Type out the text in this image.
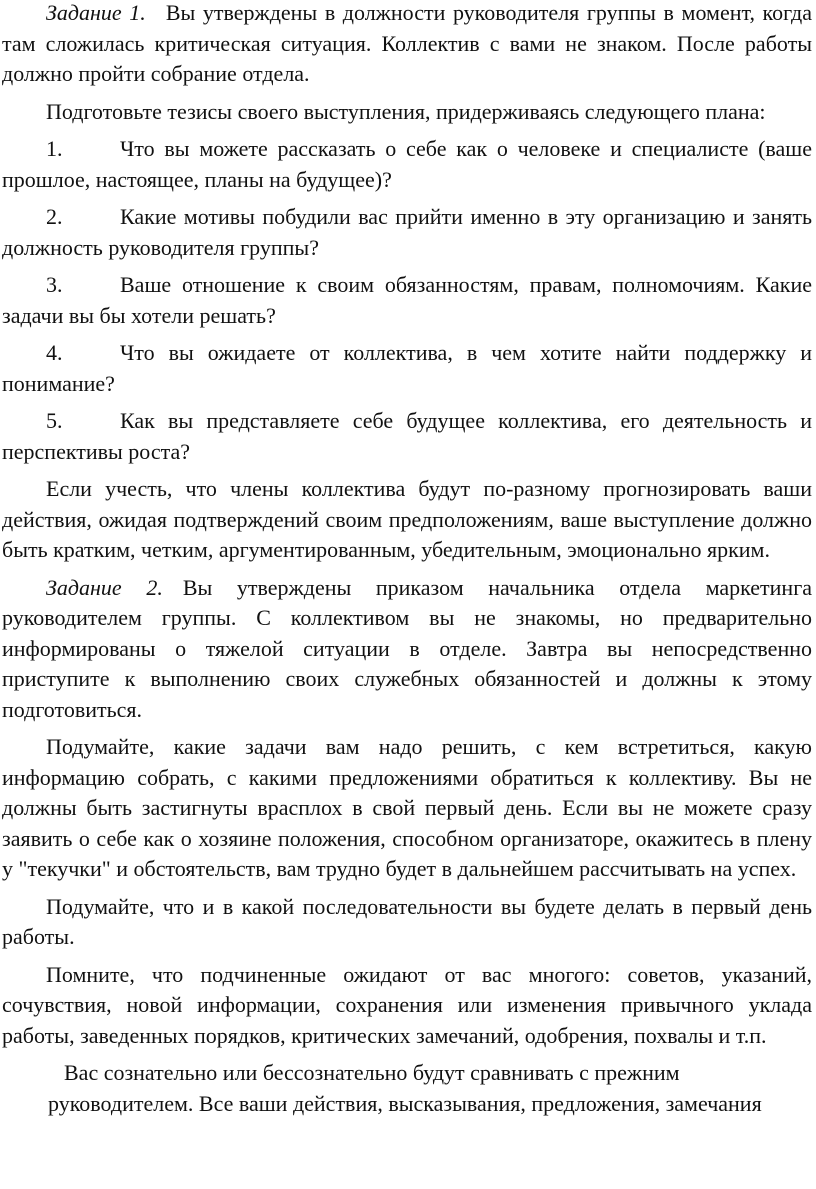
Задание 1. Вы утверждены в должности руководителя группы в момент, когда там сложилась критическая ситуация. Коллектив с вами не знаком. После работы должно пройти собрание отдела.

Подготовьте тезисы своего выступления, придерживаясь следующего плана:

1.	Что вы можете рассказать о себе как о человеке и специалисте (ваше прошлое, настоящее, планы на будущее)?

2.	Какие мотивы побудили вас прийти именно в эту организацию и занять должность руководителя группы?

3.	Ваше отношение к своим обязанностям, правам, полномочиям. Какие задачи вы бы хотели решать?

4.	Что вы ожидаете от коллектива, в чем хотите найти поддержку и понимание?

5.	Как вы представляете себе будущее коллектива, его деятельность и перспективы роста?

Если учесть, что члены коллектива будут по-разному прогнозировать ваши действия, ожидая подтверждений своим предположениям, ваше выступление должно быть кратким, четким, аргументированным, убедительным, эмоционально ярким.

Задание 2. Вы утверждены приказом начальника отдела маркетинга руководителем группы. С коллективом вы не знакомы, но предварительно информированы о тяжелой ситуации в отделе. Завтра вы непосредственно приступите к выполнению своих служебных обязанностей и должны к этому подготовиться.

Подумайте, какие задачи вам надо решить, с кем встретиться, какую информацию собрать, с какими предложениями обратиться к коллективу. Вы не должны быть застигнуты врасплох в свой первый день. Если вы не можете сразу заявить о себе как о хозяине положения, способном организаторе, окажитесь в плену у "текучки" и обстоятельств, вам трудно будет в дальнейшем рассчитывать на успех.

Подумайте, что и в какой последовательности вы будете делать в первый день работы.

Помните, что подчиненные ожидают от вас многого: советов, указаний, сочувствия, новой информации, сохранения или изменения привычного уклада работы, заведенных порядков, критических замечаний, одобрения, похвалы и т.п.

Вас сознательно или бессознательно будут сравнивать с прежним

руководителем. Все ваши действия, высказывания, предложения, замечания
